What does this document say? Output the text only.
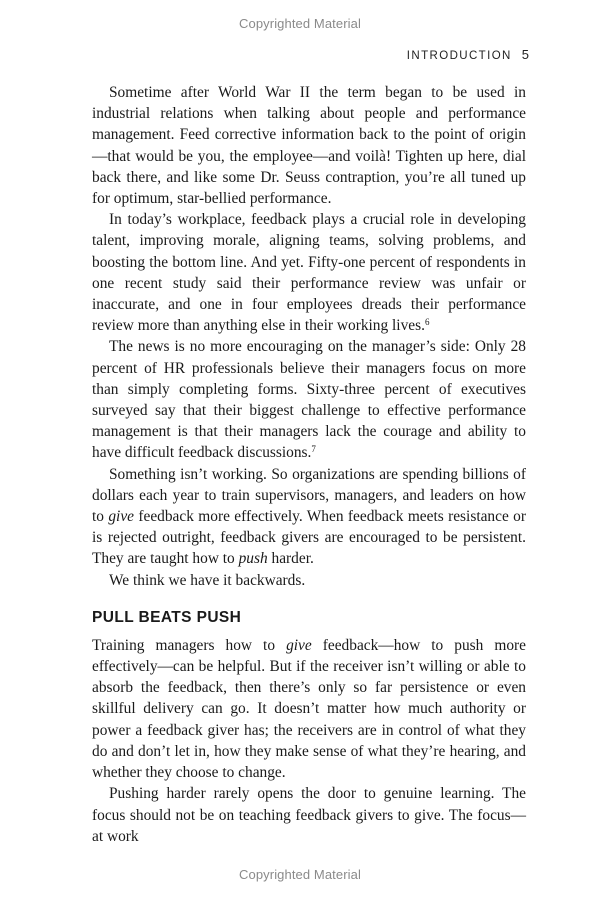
Copyrighted Material
INTRODUCTION 5

Sometime after World War II the term began to be used in industrial relations when talking about people and performance management. Feed corrective information back to the point of origin—that would be you, the employee—and voilà! Tighten up here, dial back there, and like some Dr. Seuss contraption, you’re all tuned up for optimum, star-bellied performance.

In today’s workplace, feedback plays a crucial role in developing talent, improving morale, aligning teams, solving problems, and boosting the bottom line. And yet. Fifty-one percent of respondents in one recent study said their performance review was unfair or inaccurate, and one in four employees dreads their performance review more than anything else in their working lives.$^6$

The news is no more encouraging on the manager’s side: Only 28 percent of HR professionals believe their managers focus on more than simply completing forms. Sixty-three percent of executives surveyed say that their biggest challenge to effective performance management is that their managers lack the courage and ability to have difficult feedback discussions.$^7$

Something isn’t working. So organizations are spending billions of dollars each year to train supervisors, managers, and leaders on how to give feedback more effectively. When feedback meets resistance or is rejected outright, feedback givers are encouraged to be persistent. They are taught how to push harder.

We think we have it backwards.

PULL BEATS PUSH

Training managers how to give feedback—how to push more effectively—can be helpful. But if the receiver isn’t willing or able to absorb the feedback, then there’s only so far persistence or even skillful delivery can go. It doesn’t matter how much authority or power a feedback giver has; the receivers are in control of what they do and don’t let in, how they make sense of what they’re hearing, and whether they choose to change.

Pushing harder rarely opens the door to genuine learning. The focus should not be on teaching feedback givers to give. The focus—at work

Copyrighted Material
